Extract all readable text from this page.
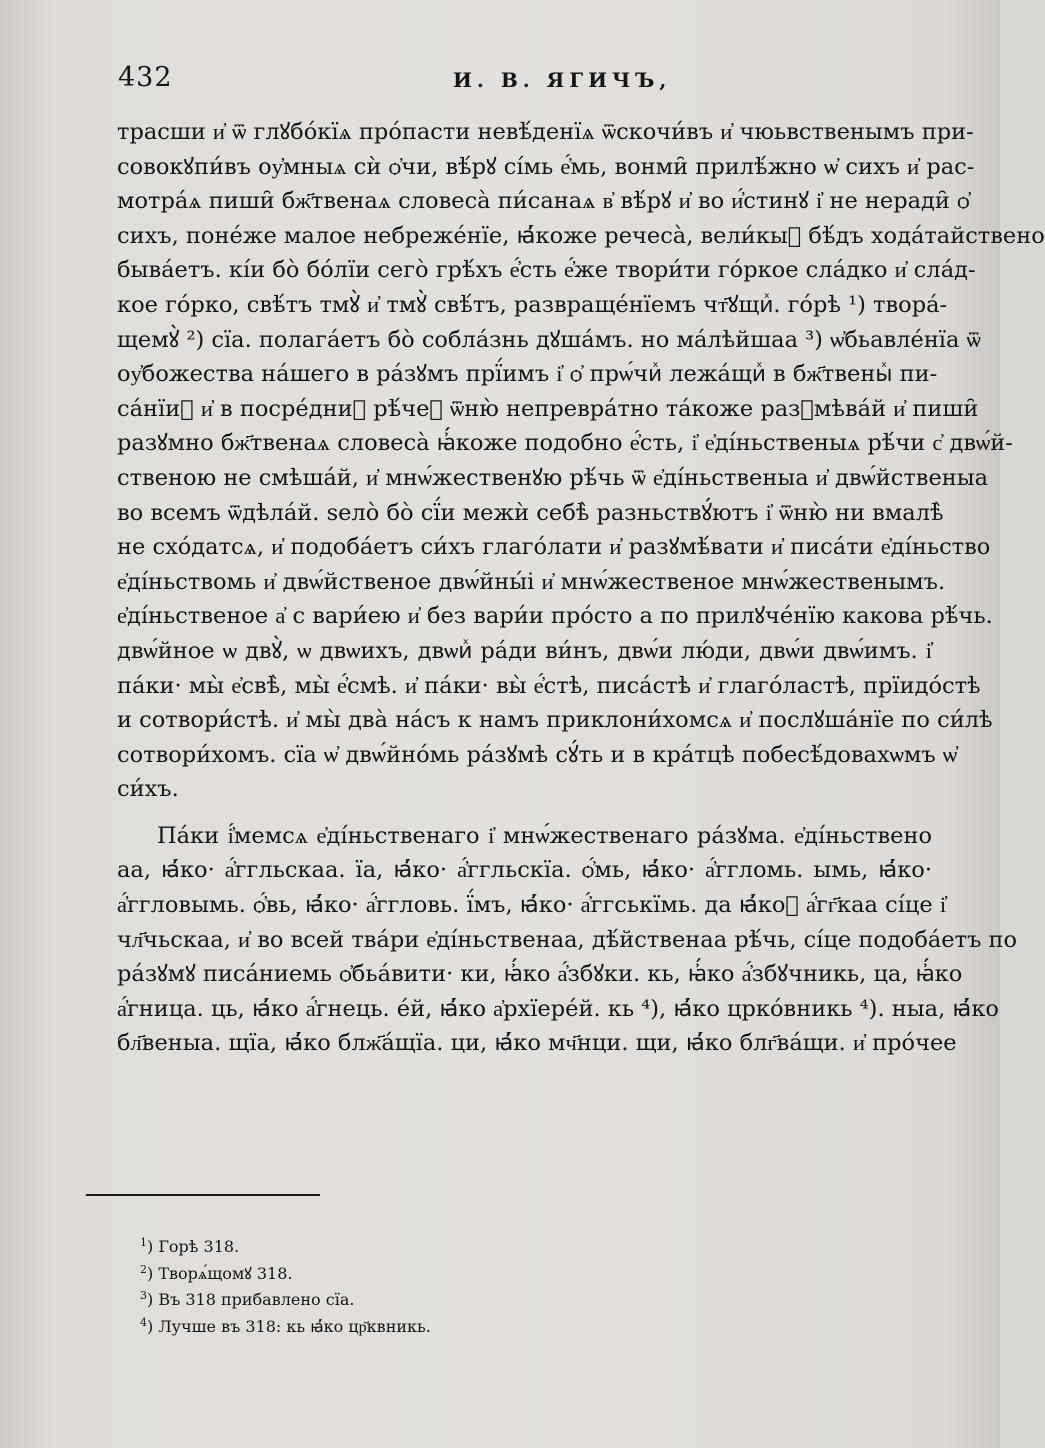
432	И. В. ЯГИЧЪ,
трасши и҆ ѿ глꙋбо́кїѧ про́пасти невѣ́денїѧ ѿскочи́въ и҆ чюьвственымъ при-
совокꙋпи́въ оу҆мныѧ сѝ ѻ҆чи, вѣ́рꙋ сі́мь е҆́мь, вонми̑ прилѣ́жно ѡ҆ сихъ и҆ рас-
мотра́ѧ пиши̑ бж҃твенаѧ словеса̀ пи́санаѧ в҆ вѣ́рꙋ и҆ во и҆́стинꙋ і҆ не неради̑ ѻ҆
сихъ, поне́же малое небреже́нїе, ꙗ҆́коже речеса̀, вели́кыⷯ бѣ́дъ хода́тайствено
быва́етъ. кі́и бо̀ бо́лїи сего̀ грѣ́хъ е҆́сть е҆́же твори́ти го́ркое сла́дко и҆ сла́д-
кое го́рко, свѣ́тъ тмꙋ̀ и҆ тмꙋ̀ свѣ́тъ, развраще́нїемъ чт҃ꙋщиⷯ. го́рѣ ¹) твора́-
щемꙋ̀ ²) сїа. полага́етъ бо̀ собла́знь дꙋша́мъ. но ма́лѣйшаа ³) ѡ҆бьавле́нїа ѿ
оу҆божества на́шего в ра́зꙋмъ прї́имъ і҆ ѻ҆ прѡ́чиⷯ лежа́щиⷯ в бж҃твеныⷯ пи-
са́нїиⷯ и҆ в посре́дниⷯ рѣ́чеⷯ ѿню̀ непревра́тно та́коже разꙋмѣва́й и҆ пиши̑
разꙋмно бж҃твенаѧ словеса̀ ꙗ҆́коже подобно е҆́сть, і҆ е҆ді́ньственыѧ рѣ́чи с҆ двѡ́й-
ственою не смѣша́й, и҆ мнѡ́жественꙋю рѣ́чь ѿ е҆ді́ньственыа и҆ двѡ́йственыа
во всемъ ѿдѣла́й. ѕело̀ бо̀ сї́и межѝ себѣ̀ разньствꙋ́ютъ і҆ ѿню̀ ни вмалѣ̀
не схо́датсѧ, и҆ подоба́етъ си́хъ глаго́лати и҆ разꙋмѣ́вати и҆ писа́ти е҆ді́ньство
е҆ді́ньствомь и҆ двѡ́йственое двѡ́йны́і и҆ мнѡ́жественое мнѡ́жественымъ.
е҆ді́ньственое а҆ с вари́ею и҆ без вари́и про́сто а по прилꙋче́нїю какова рѣ́чь.
двѡ́йное ѡ двꙋ̀, ѡ двѡихъ, двѡиⷯ ра́ди ви́нъ, двѡ́и лю́ди, двѡ́и двѡ́имъ. і҆
па́ки· мы̀ е҆свѣ̀, мы̀ е҆́смѣ. и҆ па́ки· вы̀ е҆́стѣ, писа́стѣ и҆ глаго́ластѣ, прїидо́стѣ
и сотвори́стѣ. и҆ мы̀ два̀ на́съ к намъ приклони́хомсѧ и҆ послꙋша́нїе по си́лѣ
сотвори́хомъ. сїа ѡ҆ двѡ́йно́мь ра́зꙋмѣ сꙋ́ть и в кра́тцѣ побесѣ́довахѡмъ ѡ҆
си́хъ.
Па́ки і҆́мемсѧ е҆ді́ньственаго і҆ мнѡ́жественаго ра́зꙋма. е҆ді́ньствено
аа, ꙗ҆́ко· а҆́ггльскаа. їа, ꙗ҆́ко· а҆́ггльскїа. ѻ҆́мь, ꙗ҆́ко· а҆́ггломь. ымь, ꙗ҆́ко·
а҆́ггловымь. ѻ҆́вь, ꙗ҆́ко· а҆́ггловь. ї́мъ, ꙗ҆́ко· а҆́ггськїмь. да ꙗ҆́коⷤ а҆́гг҃каа сі́це і҆
чл҃чьскаа, и҆ во всей тва́ри е҆ді́ньственаа, дѣ́йственаа рѣ́чь, сі́це подоба́етъ по
ра́зꙋмꙋ писа́ниемь ѻ҆бьа́вити· ки, ꙗ҆́ко а҆́збꙋки. кь, ꙗ҆́ко а҆́збꙋчникь, ца, ꙗ҆́ко
а҆́гница. ць, ꙗ҆́ко а҆́гнець. е́й, ꙗ҆́ко а҆рхїере́й. кь ⁴), ꙗ҆́ко црко́вникь ⁴). ныа, ꙗ҆́ко
бл҃веныа. щїа, ꙗ҆́ко блж҃а́щїа. ци, ꙗ҆́ко мч҃нци. щи, ꙗ҆́ко блг҃ва́щи. и҆ про́чее
$^1$) Горѣ 318.
$^2$) Творѧ́щомꙋ 318.
$^3$) Въ 318 прибавлено сїа.
$^4$) Лучше въ 318: кь ꙗ҆́ко цр҃квникь.
